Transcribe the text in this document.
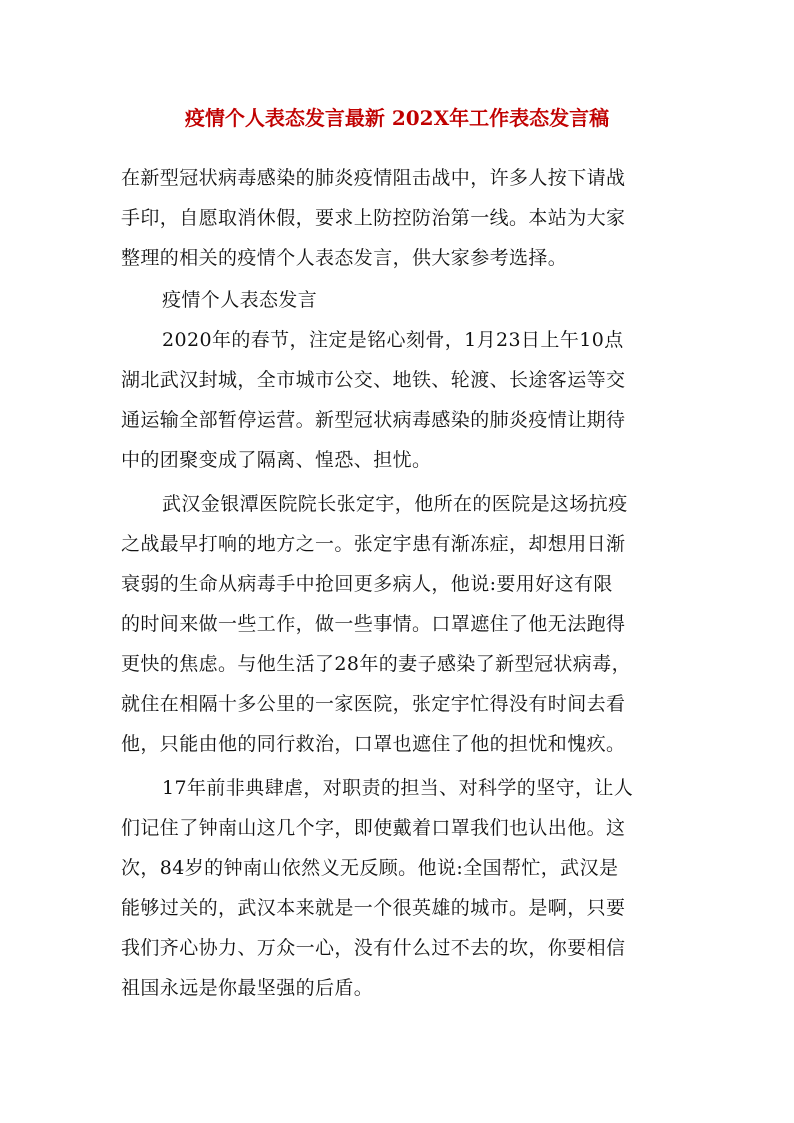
疫情个人表态发言最新 202X年工作表态发言稿
在新型冠状病毒感染的肺炎疫情阻击战中，许多人按下请战
手印，自愿取消休假，要求上防控防治第一线。本站为大家
整理的相关的疫情个人表态发言，供大家参考选择。
疫情个人表态发言
2020年的春节，注定是铭心刻骨，1月23日上午10点
湖北武汉封城，全市城市公交、地铁、轮渡、长途客运等交
通运输全部暂停运营。新型冠状病毒感染的肺炎疫情让期待
中的团聚变成了隔离、惶恐、担忧。
武汉金银潭医院院长张定宇，他所在的医院是这场抗疫
之战最早打响的地方之一。张定宇患有渐冻症，却想用日渐
衰弱的生命从病毒手中抢回更多病人，他说:要用好这有限
的时间来做一些工作，做一些事情。口罩遮住了他无法跑得
更快的焦虑。与他生活了28年的妻子感染了新型冠状病毒，
就住在相隔十多公里的一家医院，张定宇忙得没有时间去看
他，只能由他的同行救治，口罩也遮住了他的担忧和愧疚。
17年前非典肆虐，对职责的担当、对科学的坚守，让人
们记住了钟南山这几个字，即使戴着口罩我们也认出他。这
次，84岁的钟南山依然义无反顾。他说:全国帮忙，武汉是
能够过关的，武汉本来就是一个很英雄的城市。是啊，只要
我们齐心协力、万众一心，没有什么过不去的坎，你要相信
祖国永远是你最坚强的后盾。
